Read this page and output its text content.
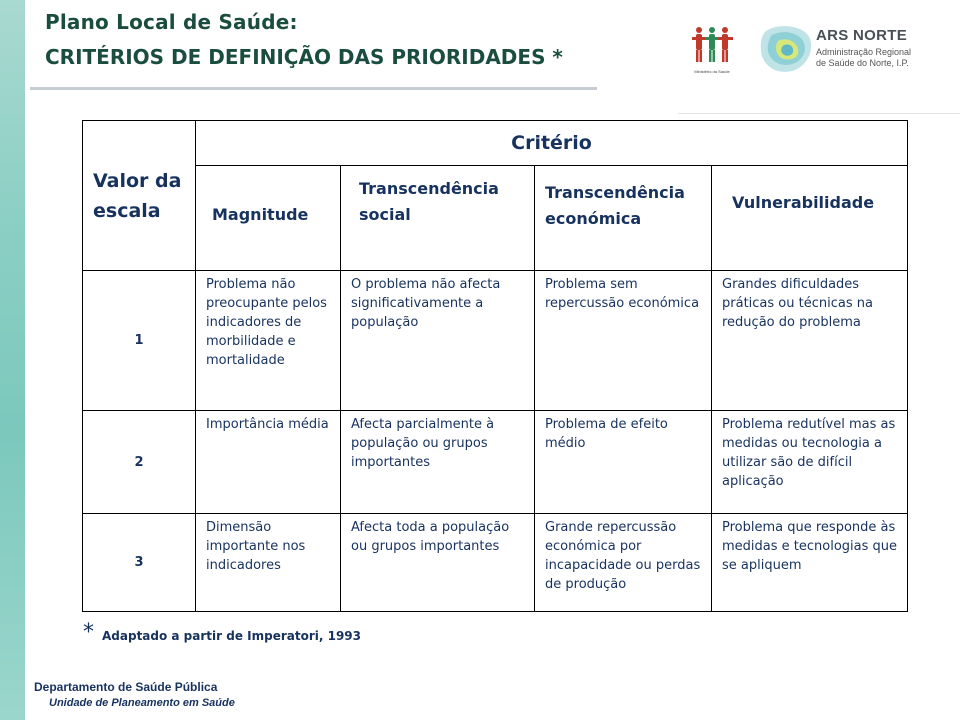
Plano Local de Saúde:
CRITÉRIOS DE DEFINIÇÃO DAS PRIORIDADES *
Ministério da Saúde
ARS NORTE
Administração Regional
de Saúde do Norte, I.P.
Valor da escala	Critério			

	Magnitude	Transcendência social	Transcendência económica	Vulnerabilidade

1	Problema não preocupante pelos indicadores de morbilidade e mortalidade	O problema não afecta significativamente a população	Problema sem repercussão económica	Grandes dificuldades práticas ou técnicas na redução do problema
2	Importância média	Afecta parcialmente à população ou grupos importantes	Problema de efeito médio	Problema redutível mas as medidas ou tecnologia a utilizar são de difícil aplicação
3	Dimensão importante nos indicadores	Afecta toda a população ou grupos importantes	Grande repercussão económica por incapacidade ou perdas de produção	Problema que responde às medidas e tecnologias que se apliquem
* Adaptado a partir de Imperatori, 1993
Departamento de Saúde Pública
Unidade de Planeamento em Saúde
